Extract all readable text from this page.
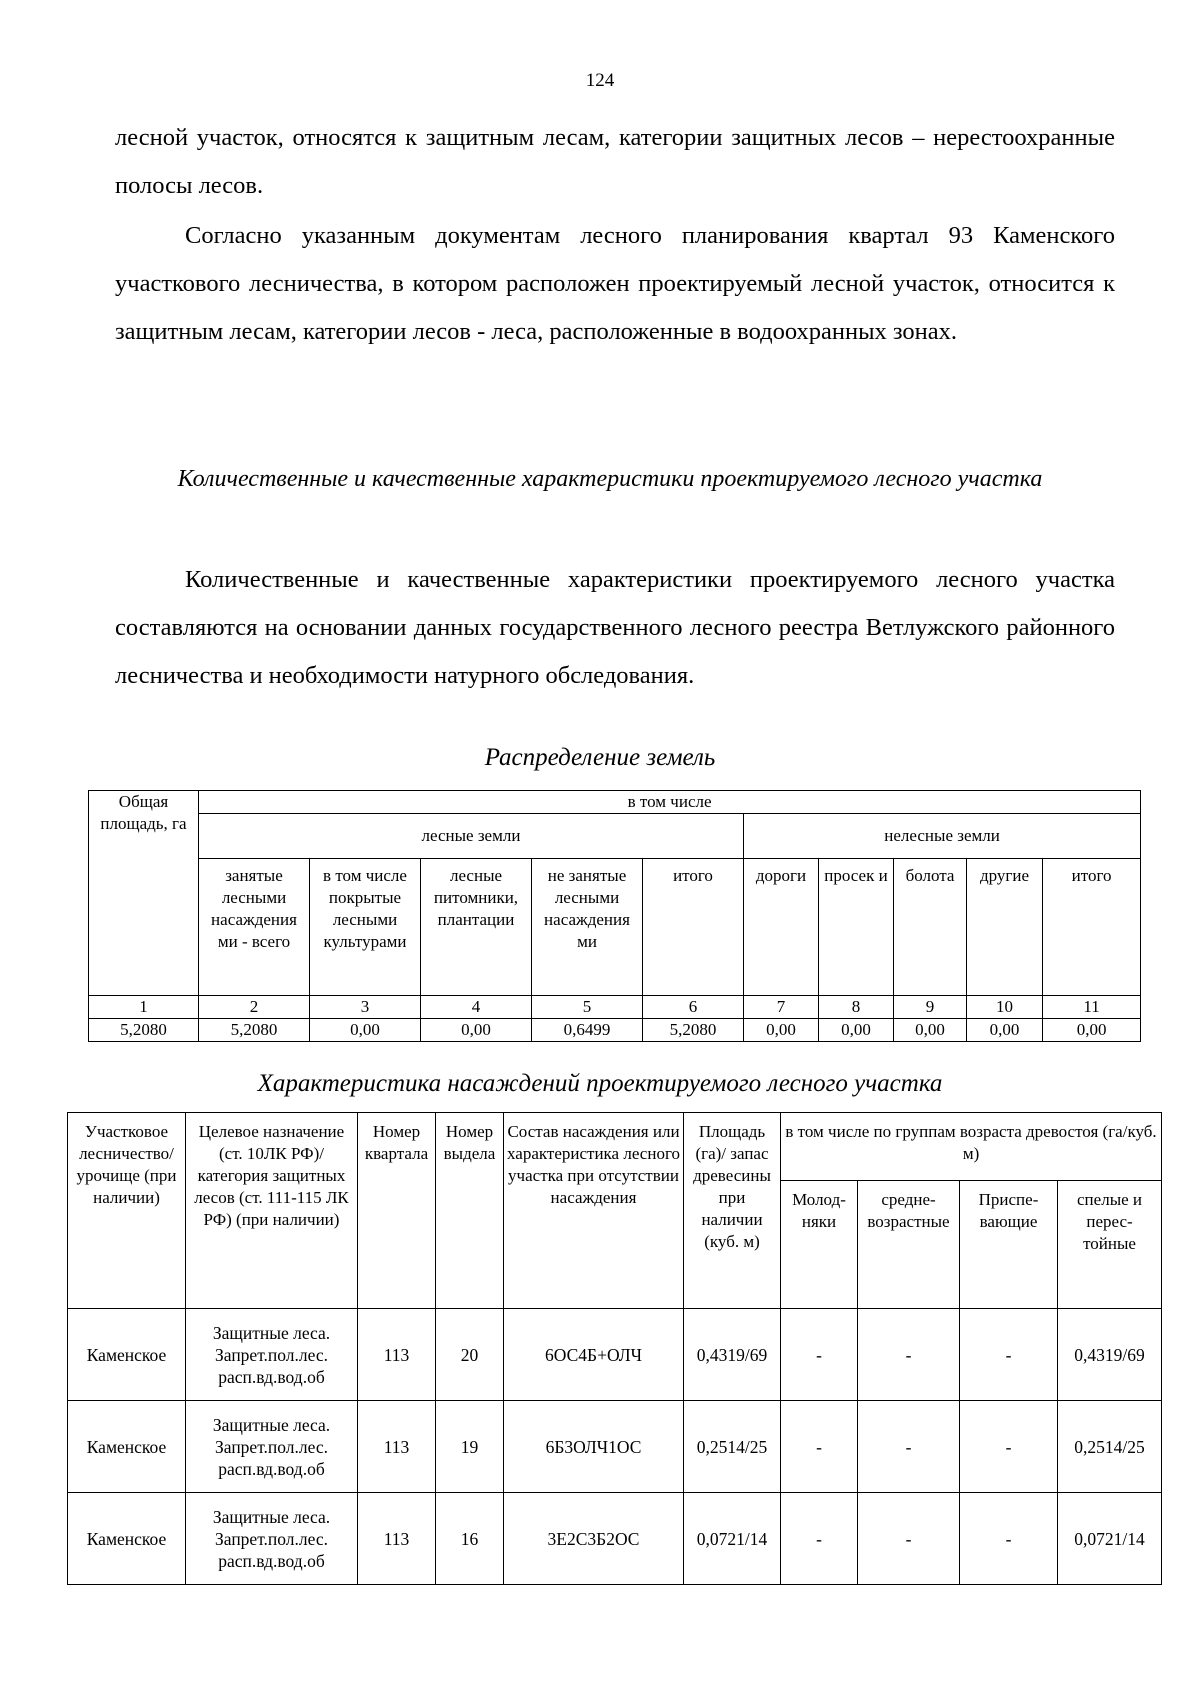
124

лесной участок, относятся к защитным лесам, категории защитных лесов – нерестоохранные полосы лесов.

Согласно указанным документам лесного планирования квартал 93 Каменского участкового лесничества, в котором расположен проектируемый лесной участок, относится к защитным лесам, категории лесов - леса, расположенные в водоохранных зонах.

Количественные и качественные характеристики проектируемого лесного участка

Количественные и качественные характеристики проектируемого лесного участка составляются на основании данных государственного лесного реестра Ветлужского районного лесничества и необходимости натурного обследования.

Распределение земель
Общая площадь, га	в том числе									
	лесные земли					нелесные земли				
	занятые лесными насаждения ми - всего	в том числе покрытые лесными культурами	лесные питомники, плантации	не занятые лесными насаждения ми	итого	дороги	просек и	болота	другие	итого
1	2	3	4	5	6	7	8	9	10	11
5,2080	5,2080	0,00	0,00	0,6499	5,2080	0,00	0,00	0,00	0,00	0,00
Характеристика насаждений проектируемого лесного участка
Участковое лесничество/ урочище (при наличии)	Целевое назначение (ст. 10ЛК РФ)/ категория защитных лесов (ст. 111-115 ЛК РФ) (при наличии)	Номер квартала	Номер выдела	Состав насаждения или характеристика лесного участка при отсутствии насаждения	Площадь (га)/ запас древесины при наличии (куб. м)	в том числе по группам возраста древостоя (га/куб. м)			
						Молод-няки	средне-возрастные	Приспе-вающие	спелые и перес-тойные
Каменское	Защитные леса. Запрет.пол.лес. расп.вд.вод.об	113	20	6ОС4Б+ОЛЧ	0,4319/69	-	-	-	0,4319/69
Каменское	Защитные леса. Запрет.пол.лес. расп.вд.вод.об	113	19	6Б3ОЛЧ1ОС	0,2514/25	-	-	-	0,2514/25
Каменское	Защитные леса. Запрет.пол.лес. расп.вд.вод.об	113	16	3Е2С3Б2ОС	0,0721/14	-	-	-	0,0721/14
